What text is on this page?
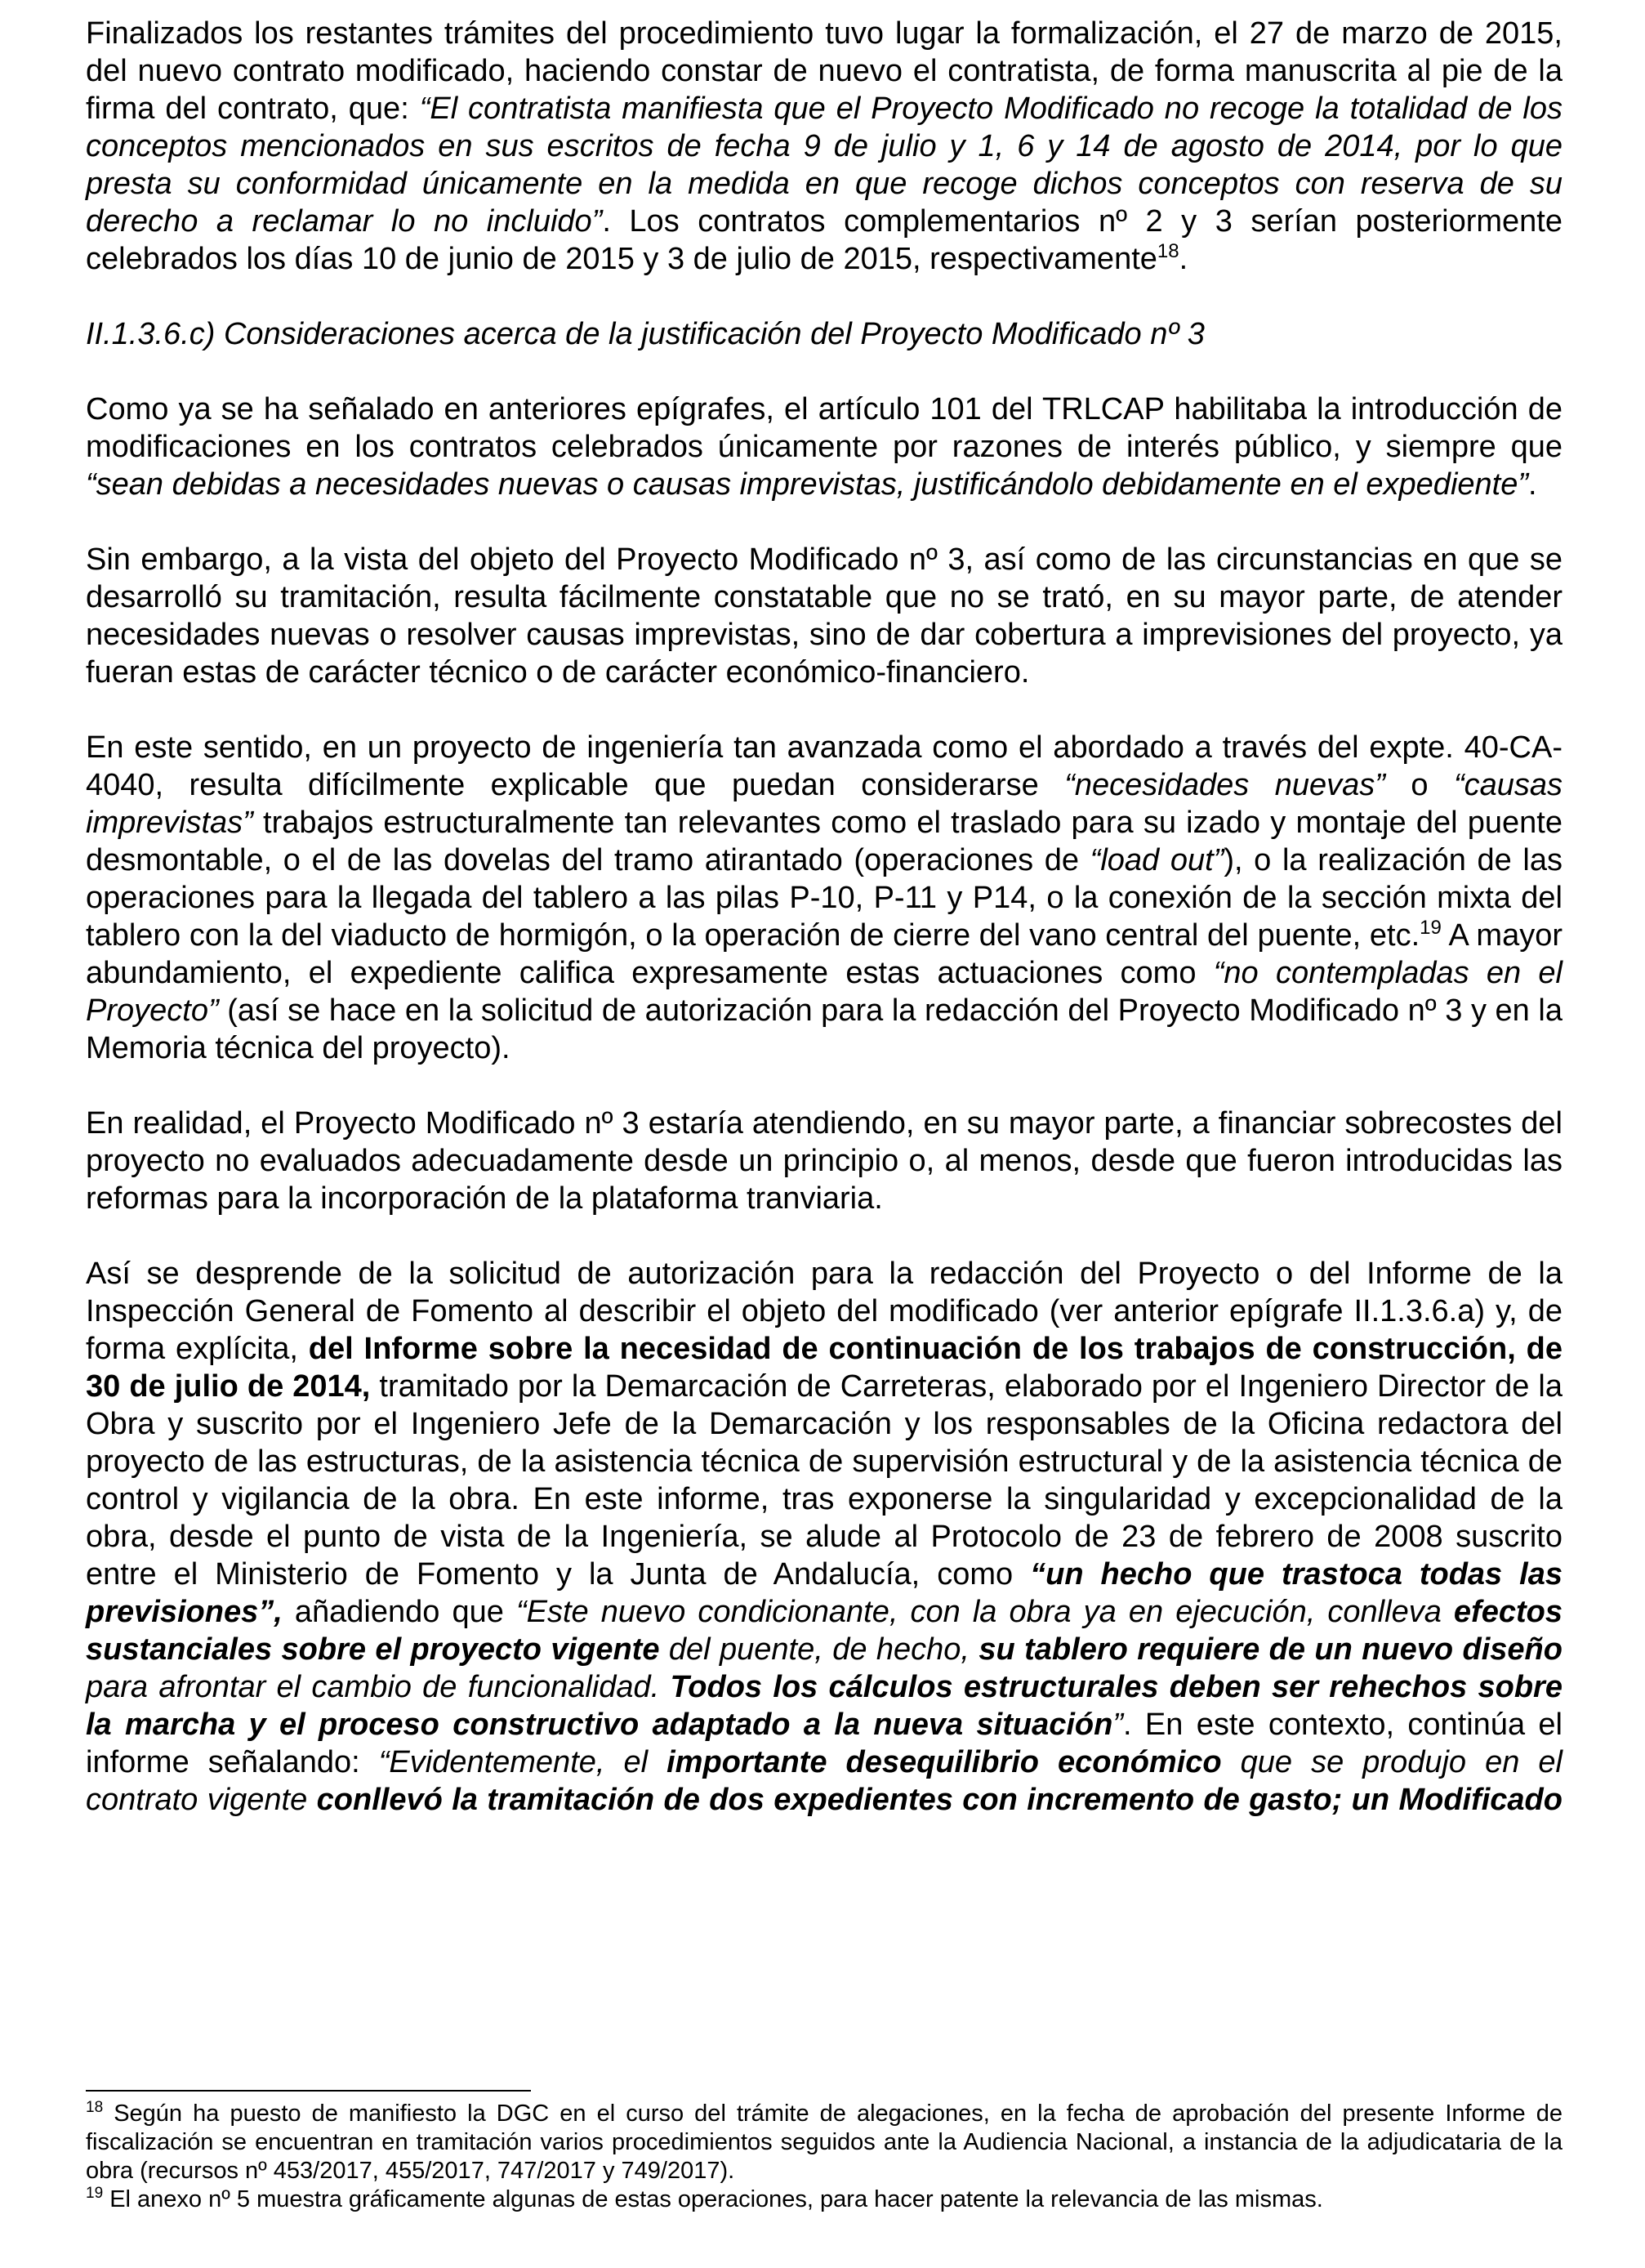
Finalizados los restantes trámites del procedimiento tuvo lugar la formalización, el 27 de marzo de 2015, del nuevo contrato modificado, haciendo constar de nuevo el contratista, de forma manuscrita al pie de la firma del contrato, que: “El contratista manifiesta que el Proyecto Modificado no recoge la totalidad de los conceptos mencionados en sus escritos de fecha 9 de julio y 1, 6 y 14 de agosto de 2014, por lo que presta su conformidad únicamente en la medida en que recoge dichos conceptos con reserva de su derecho a reclamar lo no incluido”. Los contratos complementarios nº 2 y 3 serían posteriormente celebrados los días 10 de junio de 2015 y 3 de julio de 2015, respectivamente$^{18}$.

II.1.3.6.c) Consideraciones acerca de la justificación del Proyecto Modificado nº 3

Como ya se ha señalado en anteriores epígrafes, el artículo 101 del TRLCAP habilitaba la introducción de modificaciones en los contratos celebrados únicamente por razones de interés público, y siempre que “sean debidas a necesidades nuevas o causas imprevistas, justificándolo debidamente en el expediente”.

Sin embargo, a la vista del objeto del Proyecto Modificado nº 3, así como de las circunstancias en que se desarrolló su tramitación, resulta fácilmente constatable que no se trató, en su mayor parte, de atender necesidades nuevas o resolver causas imprevistas, sino de dar cobertura a imprevisiones del proyecto, ya fueran estas de carácter técnico o de carácter económico-financiero.

En este sentido, en un proyecto de ingeniería tan avanzada como el abordado a través del expte. 40-CA-4040, resulta difícilmente explicable que puedan considerarse “necesidades nuevas” o “causas imprevistas” trabajos estructuralmente tan relevantes como el traslado para su izado y montaje del puente desmontable, o el de las dovelas del tramo atirantado (operaciones de “load out”), o la realización de las operaciones para la llegada del tablero a las pilas P-10, P-11 y P14, o la conexión de la sección mixta del tablero con la del viaducto de hormigón, o la operación de cierre del vano central del puente, etc.$^{19}$ A mayor abundamiento, el expediente califica expresamente estas actuaciones como “no contempladas en el Proyecto” (así se hace en la solicitud de autorización para la redacción del Proyecto Modificado nº 3 y en la Memoria técnica del proyecto).

En realidad, el Proyecto Modificado nº 3 estaría atendiendo, en su mayor parte, a financiar sobrecostes del proyecto no evaluados adecuadamente desde un principio o, al menos, desde que fueron introducidas las reformas para la incorporación de la plataforma tranviaria.

Así se desprende de la solicitud de autorización para la redacción del Proyecto o del Informe de la Inspección General de Fomento al describir el objeto del modificado (ver anterior epígrafe II.1.3.6.a) y, de forma explícita, del Informe sobre la necesidad de continuación de los trabajos de construcción, de 30 de julio de 2014, tramitado por la Demarcación de Carreteras, elaborado por el Ingeniero Director de la Obra y suscrito por el Ingeniero Jefe de la Demarcación y los responsables de la Oficina redactora del proyecto de las estructuras, de la asistencia técnica de supervisión estructural y de la asistencia técnica de control y vigilancia de la obra. En este informe, tras exponerse la singularidad y excepcionalidad de la obra, desde el punto de vista de la Ingeniería, se alude al Protocolo de 23 de febrero de 2008 suscrito entre el Ministerio de Fomento y la Junta de Andalucía, como “un hecho que trastoca todas las previsiones”, añadiendo que “Este nuevo condicionante, con la obra ya en ejecución, conlleva efectos sustanciales sobre el proyecto vigente del puente, de hecho, su tablero requiere de un nuevo diseño para afrontar el cambio de funcionalidad. Todos los cálculos estructurales deben ser rehechos sobre la marcha y el proceso constructivo adaptado a la nueva situación”. En este contexto, continúa el informe señalando: “Evidentemente, el importante desequilibrio económico que se produjo en el contrato vigente conllevó la tramitación de dos expedientes con incremento de gasto; un Modificado

$^{18}$ Según ha puesto de manifiesto la DGC en el curso del trámite de alegaciones, en la fecha de aprobación del presente Informe de fiscalización se encuentran en tramitación varios procedimientos seguidos ante la Audiencia Nacional, a instancia de la adjudicataria de la obra (recursos nº 453/2017, 455/2017, 747/2017 y 749/2017).

$^{19}$ El anexo nº 5 muestra gráficamente algunas de estas operaciones, para hacer patente la relevancia de las mismas.
